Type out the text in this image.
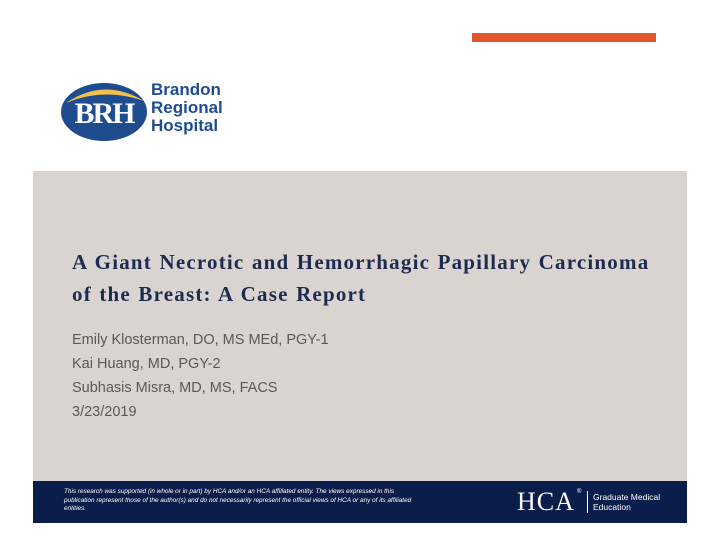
BRH
Brandon
Regional
Hospital
A Giant Necrotic and Hemorrhagic Papillary Carcinoma of the Breast: A Case Report
Emily Klosterman, DO, MS MEd, PGY-1
Kai Huang, MD, PGY-2
Subhasis Misra, MD, MS, FACS
3/23/2019
This research was supported (in whole or in part) by HCA and/or an HCA affiliated entity. The views expressed in this publication represent those of the author(s) and do not necessarily represent the official views of HCA or any of its affiliated entities.	HCA ® Graduate Medical
Education
